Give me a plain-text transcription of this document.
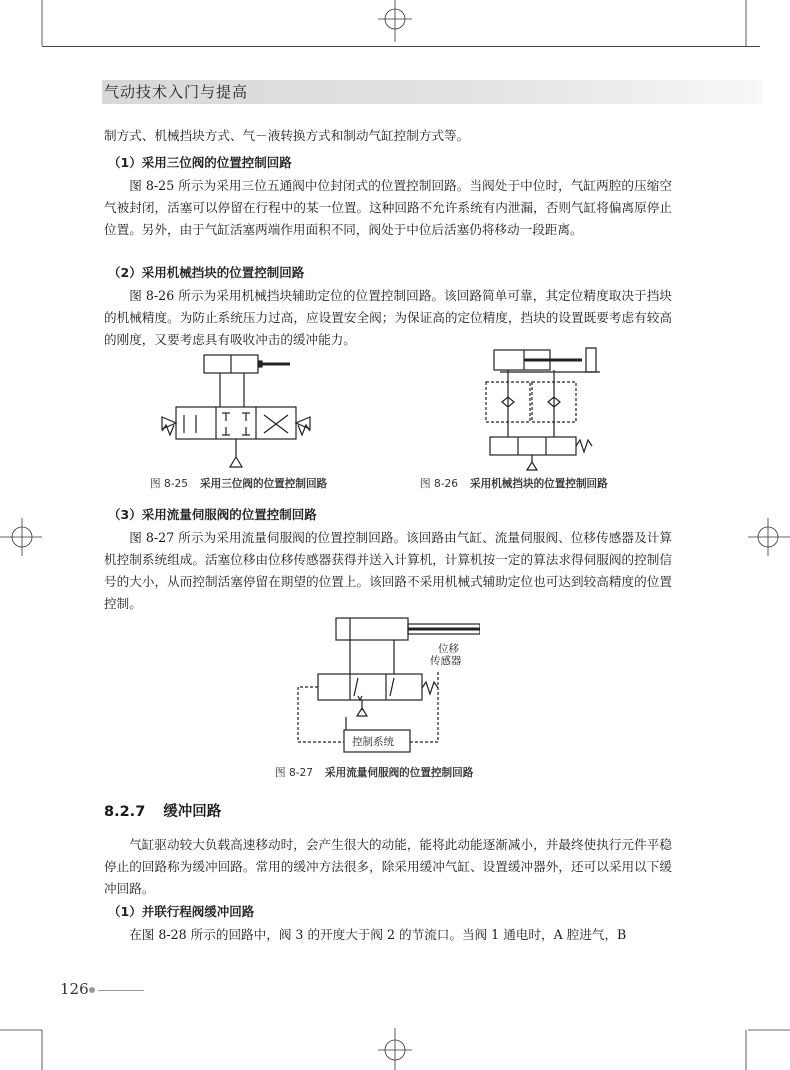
气动技术入门与提高

制方式、机械挡块方式、气－液转换方式和制动气缸控制方式等。

（1）采用三位阀的位置控制回路

图 8-25 所示为采用三位五通阀中位封闭式的位置控制回路。当阀处于中位时，气缸两腔的压缩空气被封闭，活塞可以停留在行程中的某一位置。这种回路不允许系统有内泄漏，否则气缸将偏离原停止位置。另外，由于气缸活塞两端作用面积不同，阀处于中位后活塞仍将移动一段距离。

（2）采用机械挡块的位置控制回路

图 8-26 所示为采用机械挡块辅助定位的位置控制回路。该回路简单可靠，其定位精度取决于挡块的机械精度。为防止系统压力过高，应设置安全阀；为保证高的定位精度，挡块的设置既要考虑有较高的刚度，又要考虑具有吸收冲击的缓冲能力。

图 8-25 采用三位阀的位置控制回路	图 8-26 采用机械挡块的位置控制回路

（3）采用流量伺服阀的位置控制回路

图 8-27 所示为采用流量伺服阀的位置控制回路。该回路由气缸、流量伺服阀、位移传感器及计算机控制系统组成。活塞位移由位移传感器获得并送入计算机，计算机按一定的算法求得伺服阀的控制信号的大小，从而控制活塞停留在期望的位置上。该回路不采用机械式辅助定位也可达到较高精度的位置控制。

位移
传感器
控制系统
图 8-27 采用流量伺服阀的位置控制回路
8.2.7 缓冲回路

气缸驱动较大负载高速移动时，会产生很大的动能，能将此动能逐渐减小，并最终使执行元件平稳停止的回路称为缓冲回路。常用的缓冲方法很多，除采用缓冲气缸、设置缓冲器外，还可以采用以下缓冲回路。

（1）并联行程阀缓冲回路

在图 8-28 所示的回路中，阀 3 的开度大于阀 2 的节流口。当阀 1 通电时，A 腔进气，B

126
